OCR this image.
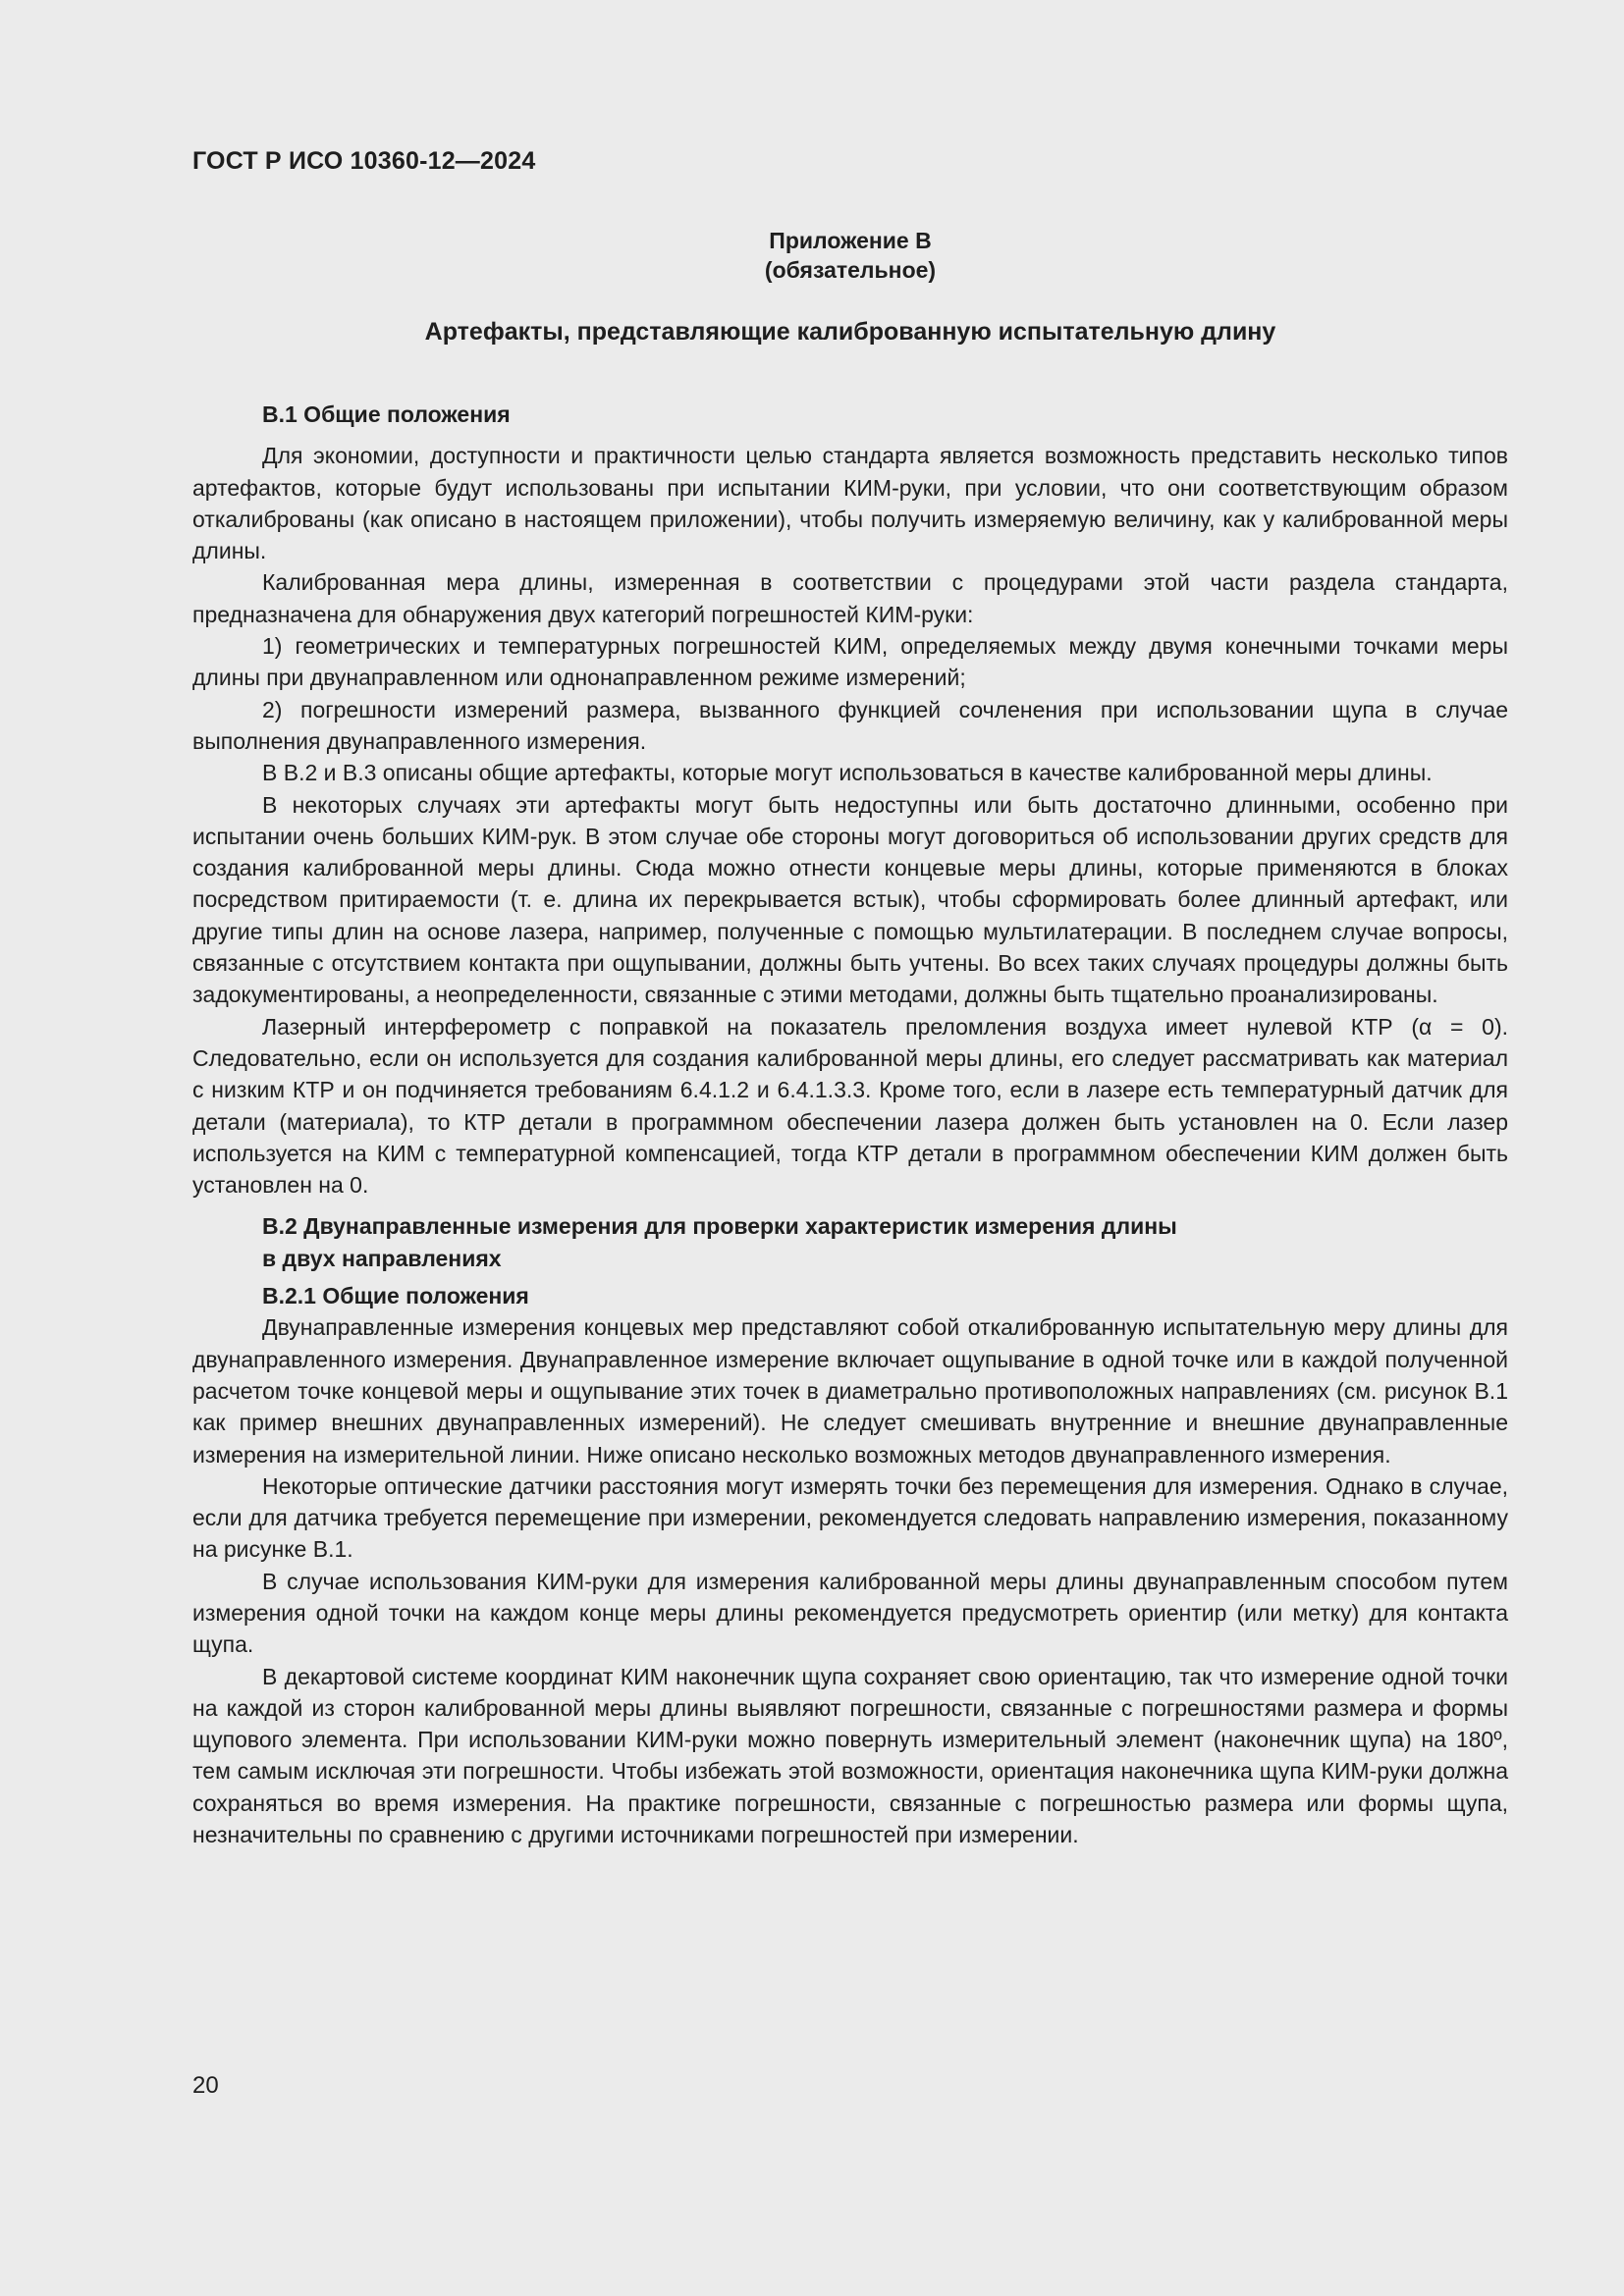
ГОСТ Р ИСО 10360-12—2024
Приложение В
(обязательное)
Артефакты, представляющие калиброванную испытательную длину
В.1 Общие положения
Для экономии, доступности и практичности целью стандарта является возможность представить несколько типов артефактов, которые будут использованы при испытании КИМ-руки, при условии, что они соответствующим образом откалиброваны (как описано в настоящем приложении), чтобы получить измеряемую величину, как у калиброванной меры длины.
Калиброванная мера длины, измеренная в соответствии с процедурами этой части раздела стандарта, предназначена для обнаружения двух категорий погрешностей КИМ-руки:
1) геометрических и температурных погрешностей КИМ, определяемых между двумя конечными точками меры длины при двунаправленном или однонаправленном режиме измерений;
2) погрешности измерений размера, вызванного функцией сочленения при использовании щупа в случае выполнения двунаправленного измерения.
В В.2 и В.3 описаны общие артефакты, которые могут использоваться в качестве калиброванной меры длины.
В некоторых случаях эти артефакты могут быть недоступны или быть достаточно длинными, особенно при испытании очень больших КИМ-рук. В этом случае обе стороны могут договориться об использовании других средств для создания калиброванной меры длины. Сюда можно отнести концевые меры длины, которые применяются в блоках посредством притираемости (т. е. длина их перекрывается встык), чтобы сформировать более длинный артефакт, или другие типы длин на основе лазера, например, полученные с помощью мультилатерации. В последнем случае вопросы, связанные с отсутствием контакта при ощупывании, должны быть учтены. Во всех таких случаях процедуры должны быть задокументированы, а неопределенности, связанные с этими методами, должны быть тщательно проанализированы.
Лазерный интерферометр с поправкой на показатель преломления воздуха имеет нулевой КТР (α = 0). Следовательно, если он используется для создания калиброванной меры длины, его следует рассматривать как материал с низким КТР и он подчиняется требованиям 6.4.1.2 и 6.4.1.3.3. Кроме того, если в лазере есть температурный датчик для детали (материала), то КТР детали в программном обеспечении лазера должен быть установлен на 0. Если лазер используется на КИМ с температурной компенсацией, тогда КТР детали в программном обеспечении КИМ должен быть установлен на 0.
В.2 Двунаправленные измерения для проверки характеристик измерения длины
в двух направлениях
В.2.1 Общие положения
Двунаправленные измерения концевых мер представляют собой откалиброванную испытательную меру длины для двунаправленного измерения. Двунаправленное измерение включает ощупывание в одной точке или в каждой полученной расчетом точке концевой меры и ощупывание этих точек в диаметрально противоположных направлениях (см. рисунок В.1 как пример внешних двунаправленных измерений). Не следует смешивать внутренние и внешние двунаправленные измерения на измерительной линии. Ниже описано несколько возможных методов двунаправленного измерения.
Некоторые оптические датчики расстояния могут измерять точки без перемещения для измерения. Однако в случае, если для датчика требуется перемещение при измерении, рекомендуется следовать направлению измерения, показанному на рисунке В.1.
В случае использования КИМ-руки для измерения калиброванной меры длины двунаправленным способом путем измерения одной точки на каждом конце меры длины рекомендуется предусмотреть ориентир (или метку) для контакта щупа.
В декартовой системе координат КИМ наконечник щупа сохраняет свою ориентацию, так что измерение одной точки на каждой из сторон калиброванной меры длины выявляют погрешности, связанные с погрешностями размера и формы щупового элемента. При использовании КИМ-руки можно повернуть измерительный элемент (наконечник щупа) на 180º, тем самым исключая эти погрешности. Чтобы избежать этой возможности, ориентация наконечника щупа КИМ-руки должна сохраняться во время измерения. На практике погрешности, связанные с погрешностью размера или формы щупа, незначительны по сравнению с другими источниками погрешностей при измерении.
20
